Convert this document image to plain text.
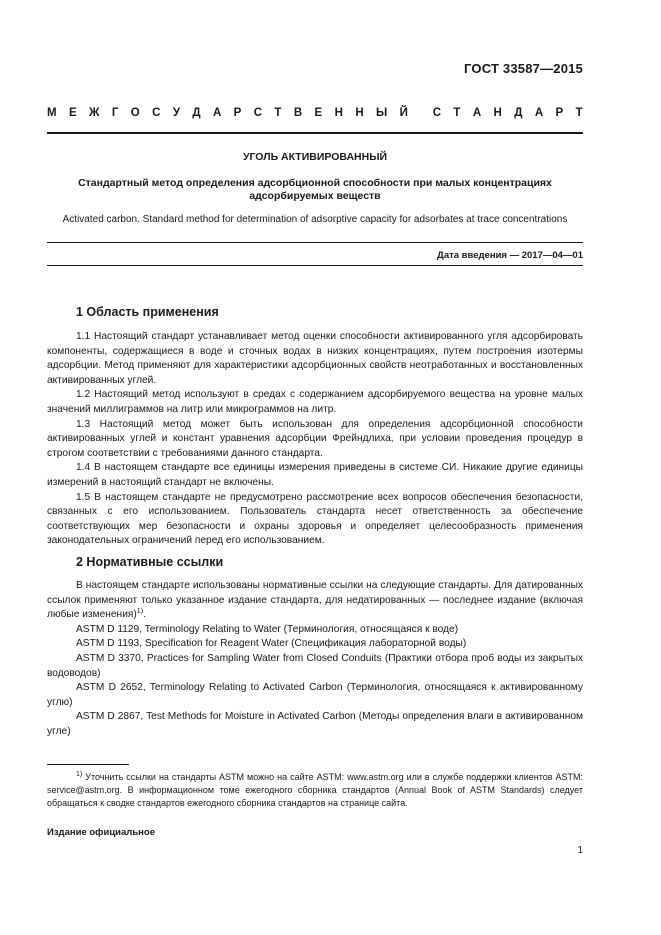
ГОСТ 33587—2015
М Е Ж Г О С У Д А Р С Т В Е Н Н Ы Й С Т А Н Д А Р Т
УГОЛЬ АКТИВИРОВАННЫЙ
Стандартный метод определения адсорбционной способности при малых концентрациях
адсорбируемых веществ
Activated carbon. Standard method for determination of adsorptive capacity for adsorbates at trace concentrations
Дата введения — 2017—04—01
1 Область применения

1.1 Настоящий стандарт устанавливает метод оценки способности активированного угля адсорбировать компоненты, содержащиеся в воде и сточных водах в низких концентрациях, путем построения изотермы адсорбции. Метод применяют для характеристики адсорбционных свойств неотработанных и восстановленных активированных углей.

1.2 Настоящий метод используют в средах с содержанием адсорбируемого вещества на уровне малых значений миллиграммов на литр или микрограммов на литр.

1.3 Настоящий метод может быть использован для определения адсорбционной способности активированных углей и констант уравнения адсорбции Фрейндлиха, при условии проведения процедур в строгом соответствии с требованиями данного стандарта.

1.4 В настоящем стандарте все единицы измерения приведены в системе СИ. Никакие другие единицы измерений в настоящий стандарт не включены.

1.5 В настоящем стандарте не предусмотрено рассмотрение всех вопросов обеспечения безопасности, связанных с его использованием. Пользователь стандарта несет ответственность за обеспечение соответствующих мер безопасности и охраны здоровья и определяет целесообразность применения законодательных ограничений перед его использованием.

2 Нормативные ссылки

В настоящем стандарте использованы нормативные ссылки на следующие стандарты. Для датированных ссылок применяют только указанное издание стандарта, для недатированных — последнее издание (включая любые изменения)$^{1)}$.

ASTM D 1129, Terminology Relating to Water (Терминология, относящаяся к воде)

ASTM D 1193, Specification for Reagent Water (Спецификация лабораторной воды)

ASTM D 3370, Practices for Sampling Water from Closed Conduits (Практики отбора проб воды из закрытых водоводов)

ASTM D 2652, Terminology Relating to Activated Carbon (Терминология, относящаяся к активированному углю)

ASTM D 2867, Test Methods for Moisture in Activated Carbon (Методы определения влаги в активированном угле)

$^{1)}$ Уточнить ссылки на стандарты ASTM можно на сайте ASTM: www.astm.org или в службе поддержки клиентов ASTM: service@astm.org. В информационном томе ежегодного сборника стандартов (Annual Book of ASTM Standards) следует обращаться к сводке стандартов ежегодного сборника стандартов на странице сайта.

Издание официальное
1
